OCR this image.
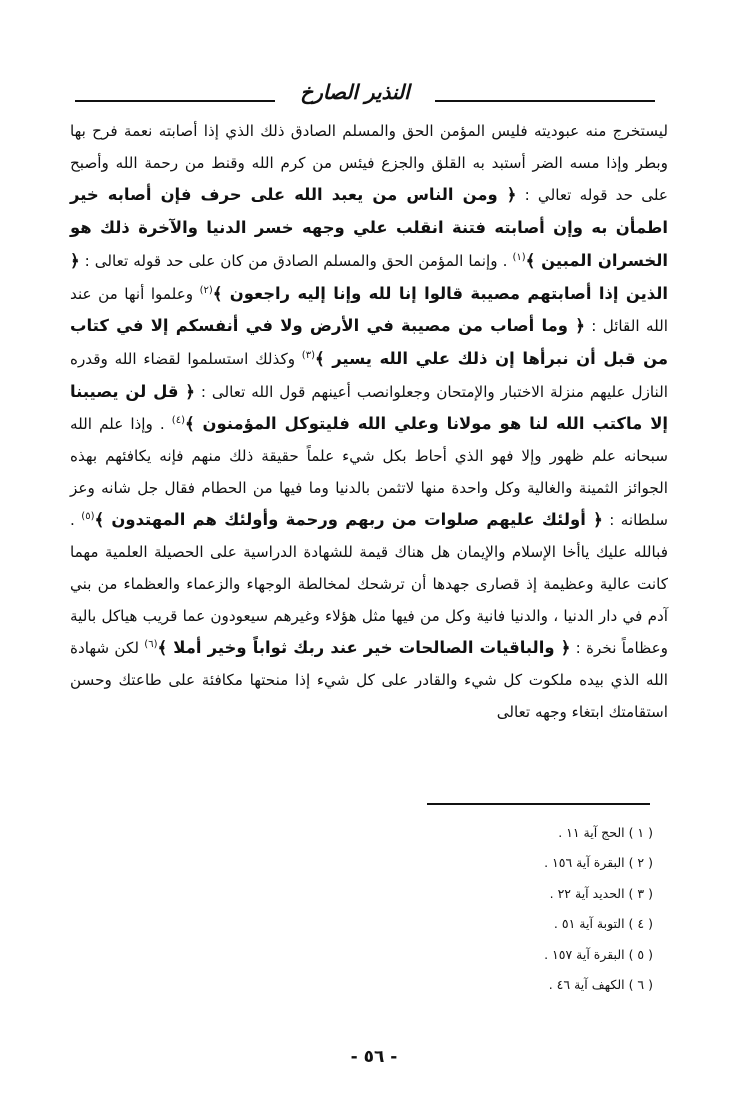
النذير الصارخ

ليستخرج منه عبوديته فليس المؤمن الحق والمسلم الصادق ذلك الذي إذا أصابته نعمة فرح بها وبطر وإذا مسه الضر أستبد به القلق والجزع فيئس من كرم الله وقنط من رحمة الله وأصبح على حد قوله تعالي : ﴿ ومن الناس من يعبد الله على حرف فإن أصابه خير اطمأن به وإن أصابته فتنة انقلب علي وجهه خسر الدنيا والآخرة ذلك هو الخسران المبين ﴾$^{(١)}$ . وإنما المؤمن الحق والمسلم الصادق من كان على حد قوله تعالى : ﴿ الذين إذا أصابتهم مصيبة قالوا إنا لله وإنا إليه راجعون ﴾$^{(٢)}$ وعلموا أنها من عند الله القائل : ﴿ وما أصاب من مصيبة في الأرض ولا في أنفسكم إلا في كتاب من قبل أن نبرأها إن ذلك علي الله يسير ﴾$^{(٣)}$ وكذلك استسلموا لقضاء الله وقدره النازل عليهم منزلة الاختبار والإمتحان وجعلوانصب أعينهم قول الله تعالى : ﴿ قل لن يصيبنا إلا ماكتب الله لنا هو مولانا وعلي الله فليتوكل المؤمنون ﴾$^{(٤)}$ . وإذا علم الله سبحانه علم ظهور وإلا فهو الذي أحاط بكل شيء علماً حقيقة ذلك منهم فإنه يكافئهم بهذه الجوائز الثمينة والغالية وكل واحدة منها لاتثمن بالدنيا وما فيها من الحطام فقال جل شانه وعز سلطانه : ﴿ أولئك عليهم صلوات من ربهم ورحمة وأولئك هم المهتدون ﴾$^{(٥)}$ . فبالله عليك ياأخا الإسلام والإيمان هل هناك قيمة للشهادة الدراسية على الحصيلة العلمية مهما كانت عالية وعظيمة إذ قصارى جهدها أن ترشحك لمخالطة الوجهاء والزعماء والعظماء من بني آدم في دار الدنيا ، والدنيا فانية وكل من فيها مثل هؤلاء وغيرهم سيعودون عما قريب هياكل بالية وعظاماً نخرة : ﴿ والباقيات الصالحات خير عند ربك ثواباً وخير أملا ﴾$^{(٦)}$ لكن شهادة الله الذي بيده ملكوت كل شيء والقادر على كل شيء إذا منحتها مكافئة على طاعتك وحسن استقامتك ابتغاء وجهه تعالى

( ١ ) الحج آية ١١ .
( ٢ ) البقرة آية ١٥٦ .
( ٣ ) الحديد آية ٢٢ .
( ٤ ) التوبة آية ٥١ .
( ٥ ) البقرة آية ١٥٧ .
( ٦ ) الكهف آية ٤٦ .
- ٥٦ -
